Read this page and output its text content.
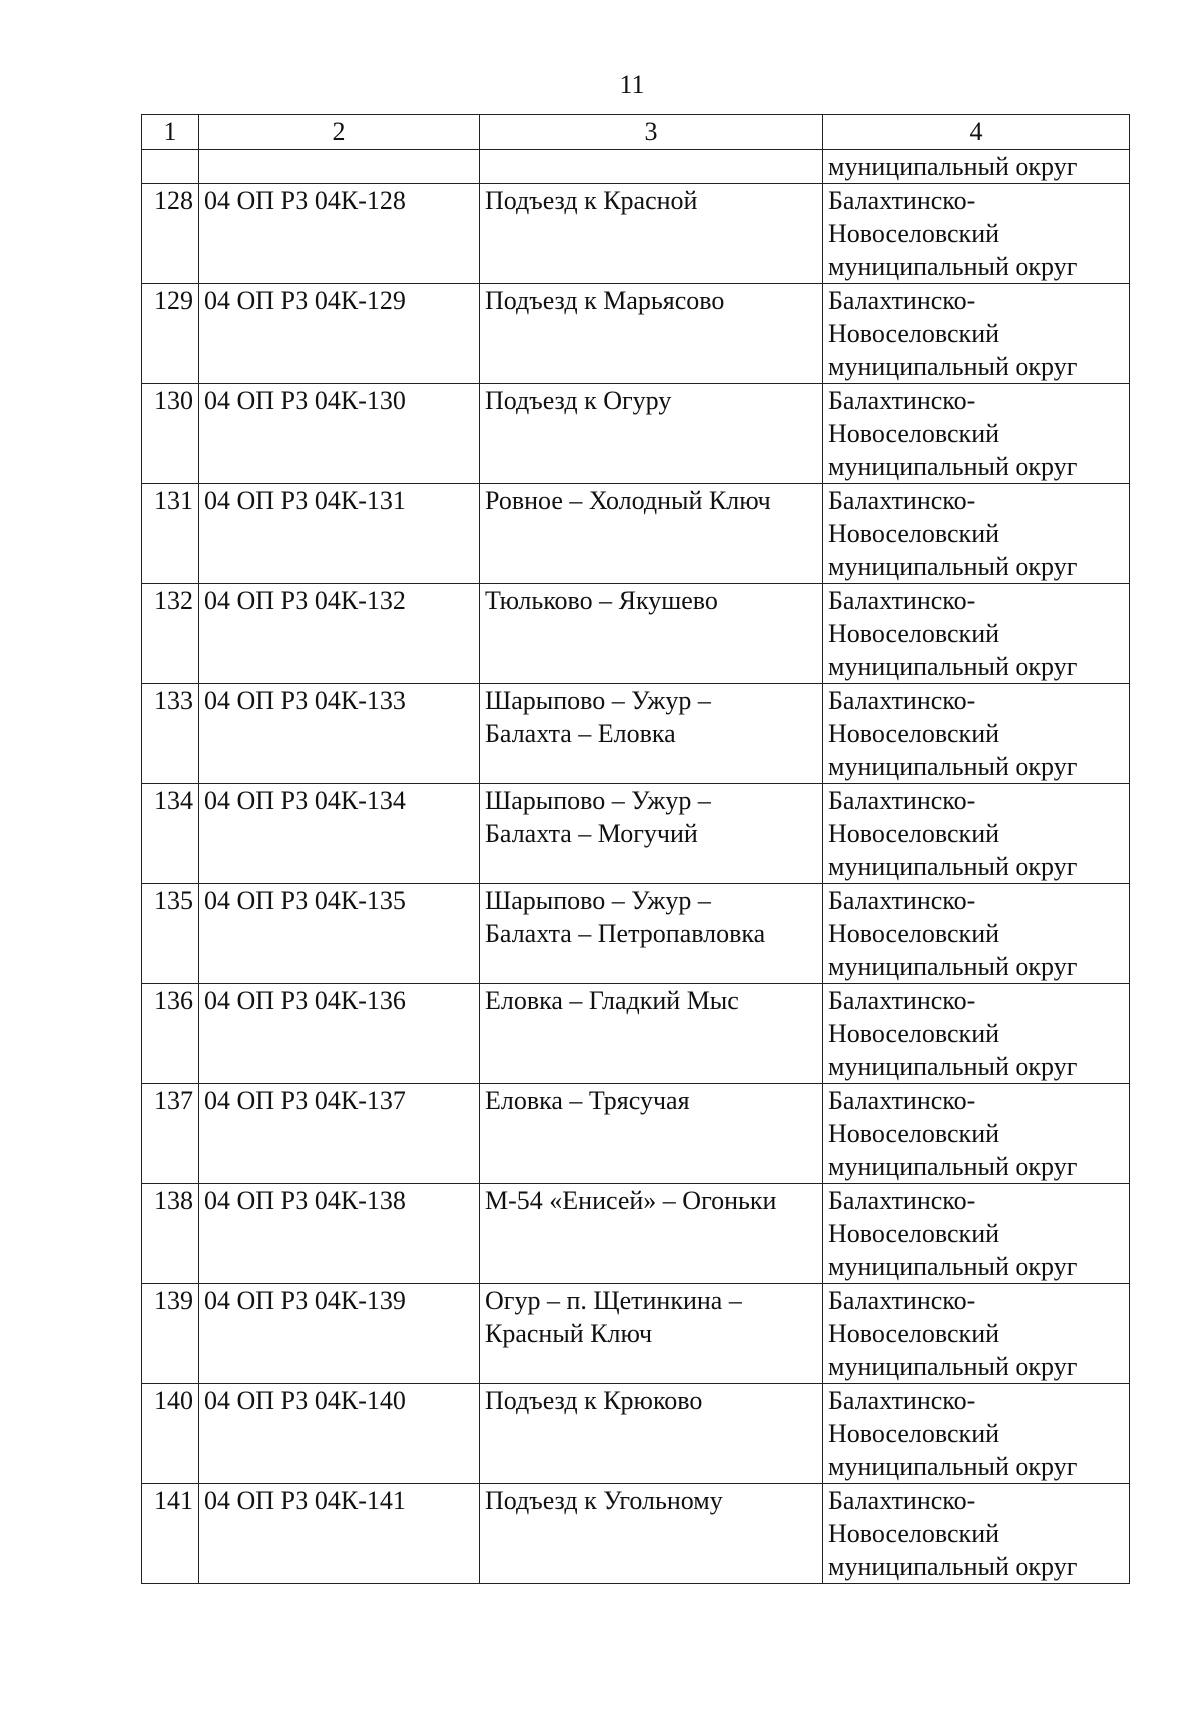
11
1	2	3	4
			муниципальный округ
128	04 ОП РЗ 04К-128	Подъезд к Красной	Балахтинско-
Новоселовский
муниципальный округ
129	04 ОП РЗ 04К-129	Подъезд к Марьясово	Балахтинско-
Новоселовский
муниципальный округ
130	04 ОП РЗ 04К-130	Подъезд к Огуру	Балахтинско-
Новоселовский
муниципальный округ
131	04 ОП РЗ 04К-131	Ровное – Холодный Ключ	Балахтинско-
Новоселовский
муниципальный округ
132	04 ОП РЗ 04К-132	Тюльково – Якушево	Балахтинско-
Новоселовский
муниципальный округ
133	04 ОП РЗ 04К-133	Шарыпово – Ужур –
Балахта – Еловка	Балахтинско-
Новоселовский
муниципальный округ
134	04 ОП РЗ 04К-134	Шарыпово – Ужур –
Балахта – Могучий	Балахтинско-
Новоселовский
муниципальный округ
135	04 ОП РЗ 04К-135	Шарыпово – Ужур –
Балахта – Петропавловка	Балахтинско-
Новоселовский
муниципальный округ
136	04 ОП РЗ 04К-136	Еловка – Гладкий Мыс	Балахтинско-
Новоселовский
муниципальный округ
137	04 ОП РЗ 04К-137	Еловка – Трясучая	Балахтинско-
Новоселовский
муниципальный округ
138	04 ОП РЗ 04К-138	М-54 «Енисей» – Огоньки	Балахтинско-
Новоселовский
муниципальный округ
139	04 ОП РЗ 04К-139	Огур – п. Щетинкина –
Красный Ключ	Балахтинско-
Новоселовский
муниципальный округ
140	04 ОП РЗ 04К-140	Подъезд к Крюково	Балахтинско-
Новоселовский
муниципальный округ
141	04 ОП РЗ 04К-141	Подъезд к Угольному	Балахтинско-
Новоселовский
муниципальный округ
